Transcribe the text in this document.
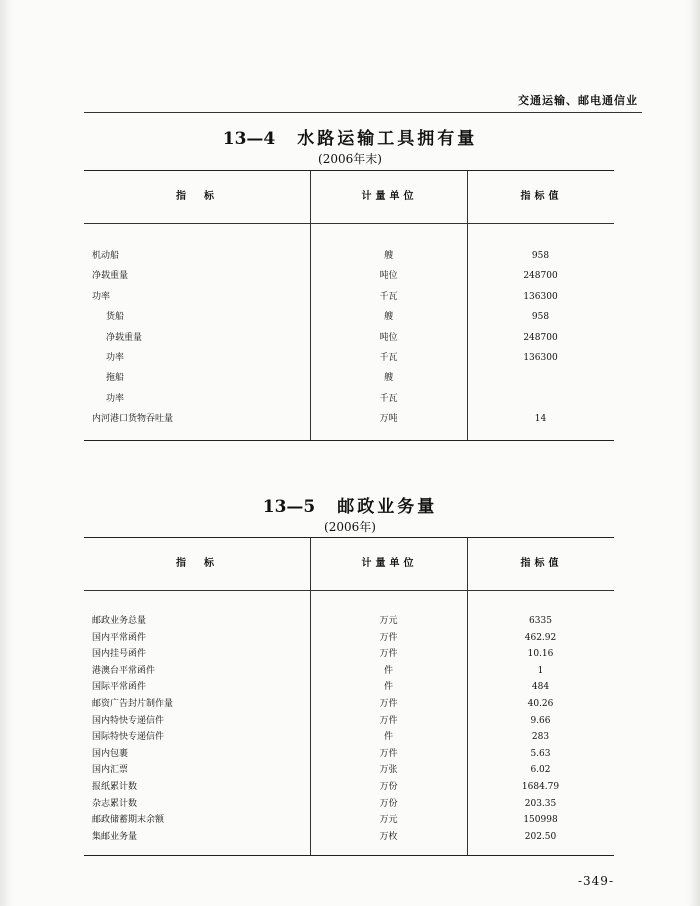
交通运输、邮电通信业
13—4 水路运输工具拥有量
(2006年末)
指　标	计量单位	指标值
机动船	艘	958
净载重量	吨位	248700
功率	千瓦	136300
货船	艘	958
净载重量	吨位	248700
功率	千瓦	136300
拖船	艘
功率	千瓦
内河港口货物吞吐量	万吨	14
13—5 邮政业务量
(2006年)
指　标	计量单位	指标值
邮政业务总量	万元	6335
国内平常函件	万件	462.92
国内挂号函件	万件	10.16
港澳台平常函件	件	1
国际平常函件	件	484
邮资广告封片制作量	万件	40.26
国内特快专递信件	万件	9.66
国际特快专递信件	件	283
国内包裹	万件	5.63
国内汇票	万张	6.02
报纸累计数	万份	1684.79
杂志累计数	万份	203.35
邮政储蓄期末余额	万元	150998
集邮业务量	万枚	202.50
-349-
